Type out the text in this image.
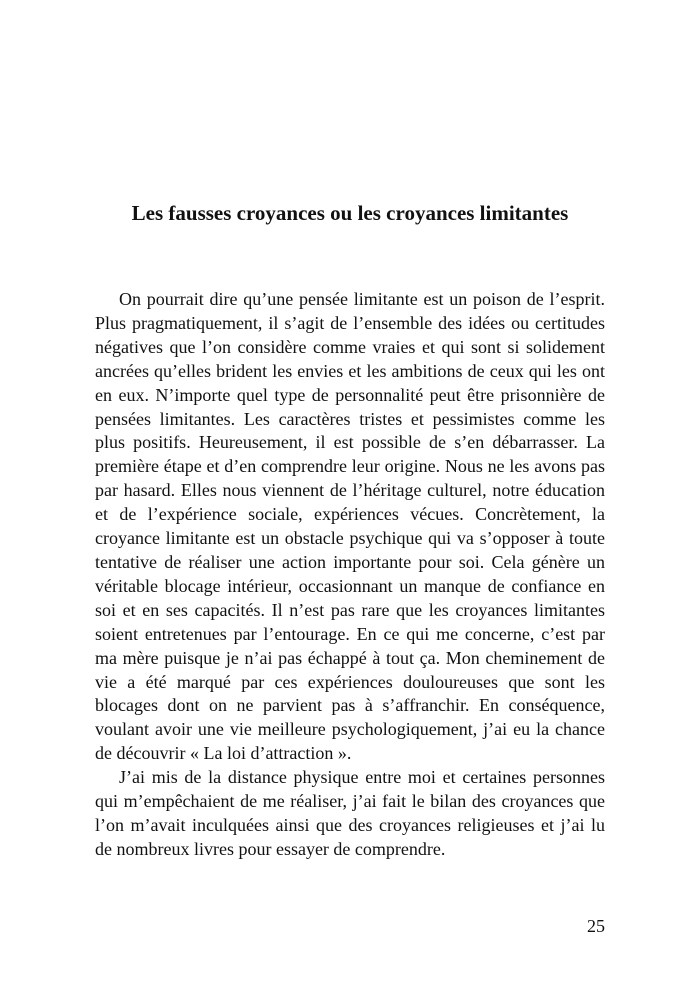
Les fausses croyances ou les croyances limitantes

On pourrait dire qu’une pensée limitante est un poison de l’esprit. Plus pragmatiquement, il s’agit de l’ensemble des idées ou certitudes négatives que l’on considère comme vraies et qui sont si solidement ancrées qu’elles brident les envies et les ambitions de ceux qui les ont en eux. N’importe quel type de personnalité peut être prisonnière de pensées limitantes. Les caractères tristes et pessimistes comme les plus positifs. Heureusement, il est possible de s’en débarrasser. La première étape et d’en comprendre leur origine. Nous ne les avons pas par hasard. Elles nous viennent de l’héritage culturel, notre éducation et de l’expérience sociale, expériences vécues. Concrètement, la croyance limitante est un obstacle psychique qui va s’opposer à toute tentative de réaliser une action importante pour soi. Cela génère un véritable blocage intérieur, occasionnant un manque de confiance en soi et en ses capacités. Il n’est pas rare que les croyances limitantes soient entretenues par l’entourage. En ce qui me concerne, c’est par ma mère puisque je n’ai pas échappé à tout ça. Mon cheminement de vie a été marqué par ces expériences douloureuses que sont les blocages dont on ne parvient pas à s’affranchir. En conséquence, voulant avoir une vie meilleure psychologiquement, j’ai eu la chance de découvrir « La loi d’attraction ».

J’ai mis de la distance physique entre moi et certaines personnes qui m’empêchaient de me réaliser, j’ai fait le bilan des croyances que l’on m’avait inculquées ainsi que des croyances religieuses et j’ai lu de nombreux livres pour essayer de comprendre.

25
